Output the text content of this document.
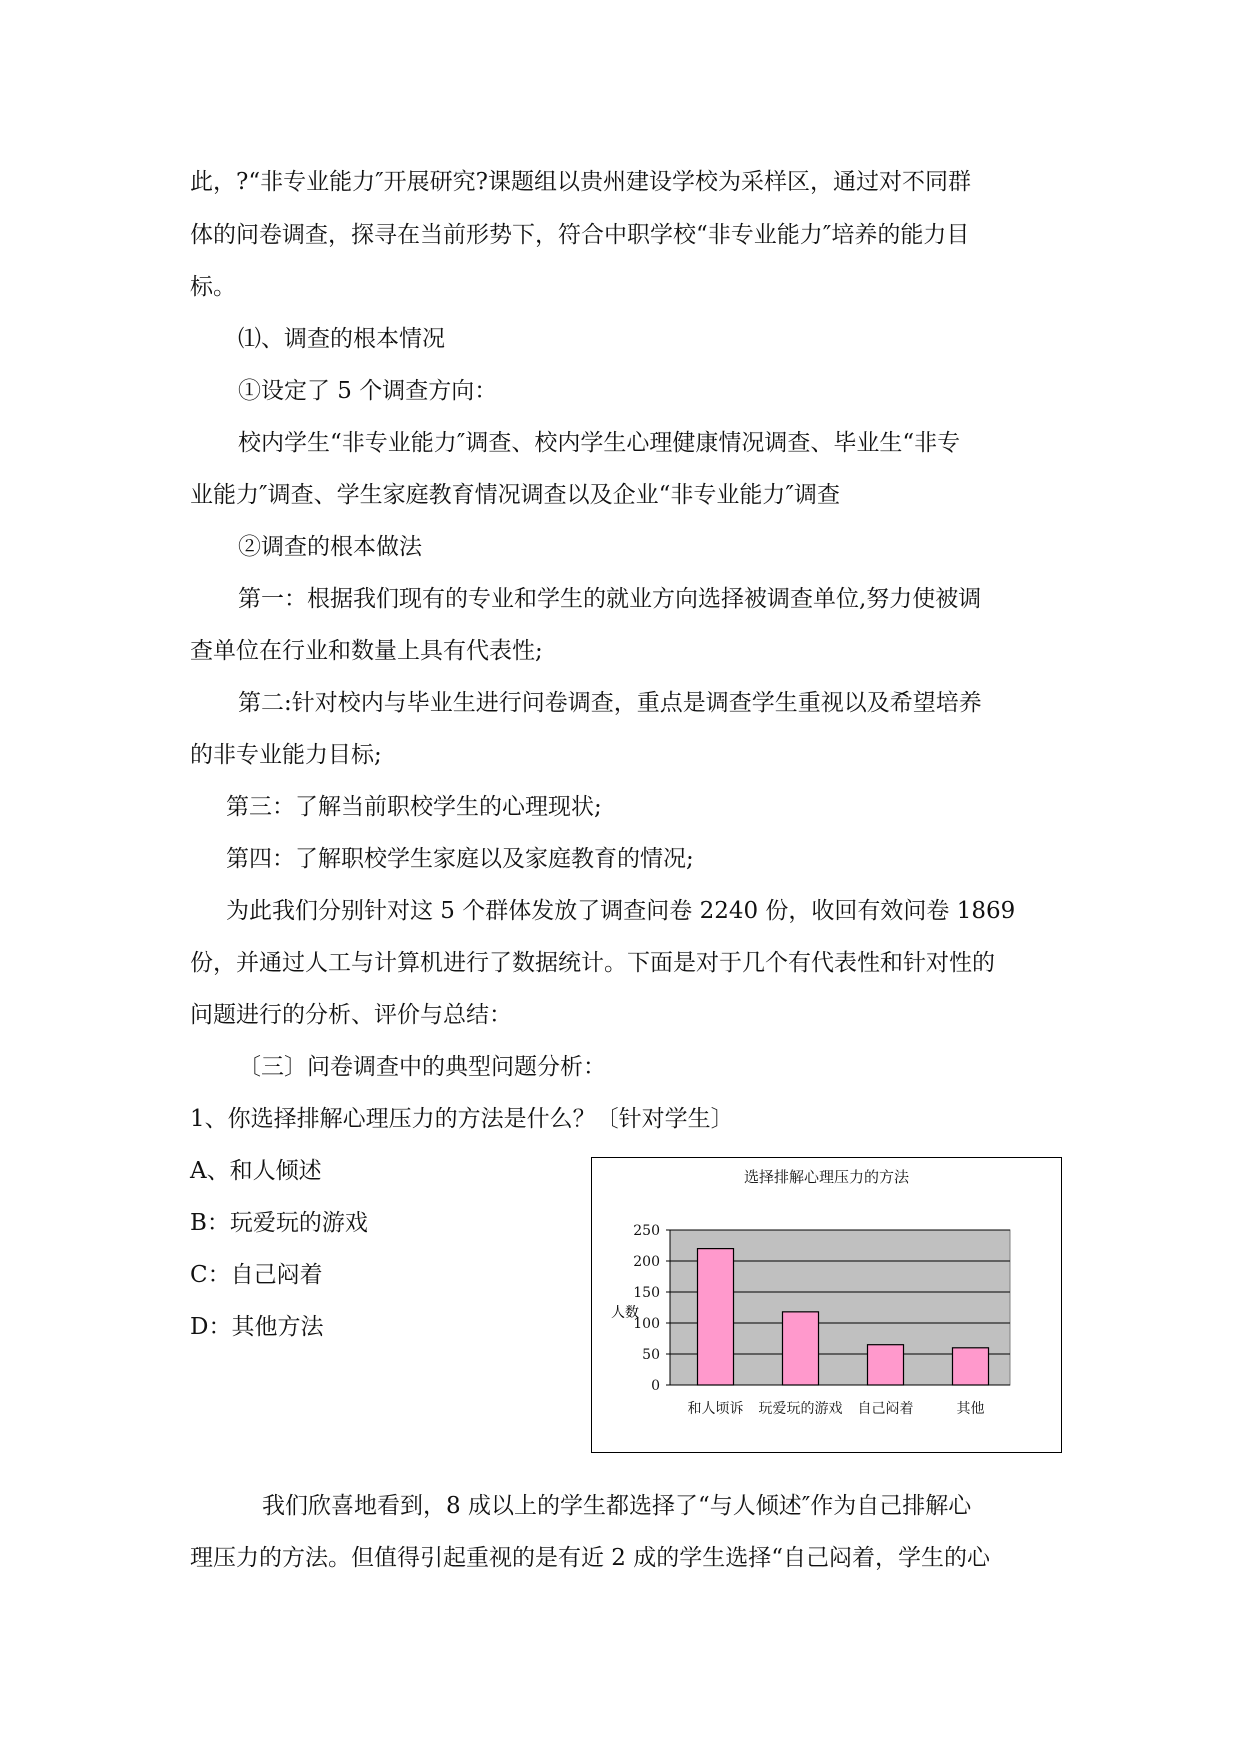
此，?“非专业能力″开展研究?课题组以贵州建设学校为采样区，通过对不同群
体的问卷调查，探寻在当前形势下，符合中职学校“非专业能力″培养的能力目
标。
⑴、调查的根本情况
①设定了 5 个调查方向：
校内学生“非专业能力″调查、校内学生心理健康情况调查、毕业生“非专
业能力″调查、学生家庭教育情况调查以及企业“非专业能力″调查
②调查的根本做法
第一：根据我们现有的专业和学生的就业方向选择被调查单位,努力使被调
查单位在行业和数量上具有代表性;
第二:针对校内与毕业生进行问卷调查，重点是调查学生重视以及希望培养
的非专业能力目标;
第三：了解当前职校学生的心理现状;
第四：了解职校学生家庭以及家庭教育的情况;
为此我们分别针对这 5 个群体发放了调查问卷 2240 份，收回有效问卷 1869
份，并通过人工与计算机进行了数据统计。下面是对于几个有代表性和针对性的
问题进行的分析、评价与总结：
〔三〕问卷调查中的典型问题分析：
1、你选择排解心理压力的方法是什么？〔针对学生〕
A、和人倾述
B：玩爱玩的游戏
C：自己闷着
D：其他方法
我们欣喜地看到，8 成以上的学生都选择了“与人倾述″作为自己排解心
理压力的方法。但值得引起重视的是有近 2 成的学生选择“自己闷着，学生的心
选择排解心理压力的方法
0
50
100
150
200
250
和人顷诉 玩爱玩的游戏 自己闷着	其他
人数
